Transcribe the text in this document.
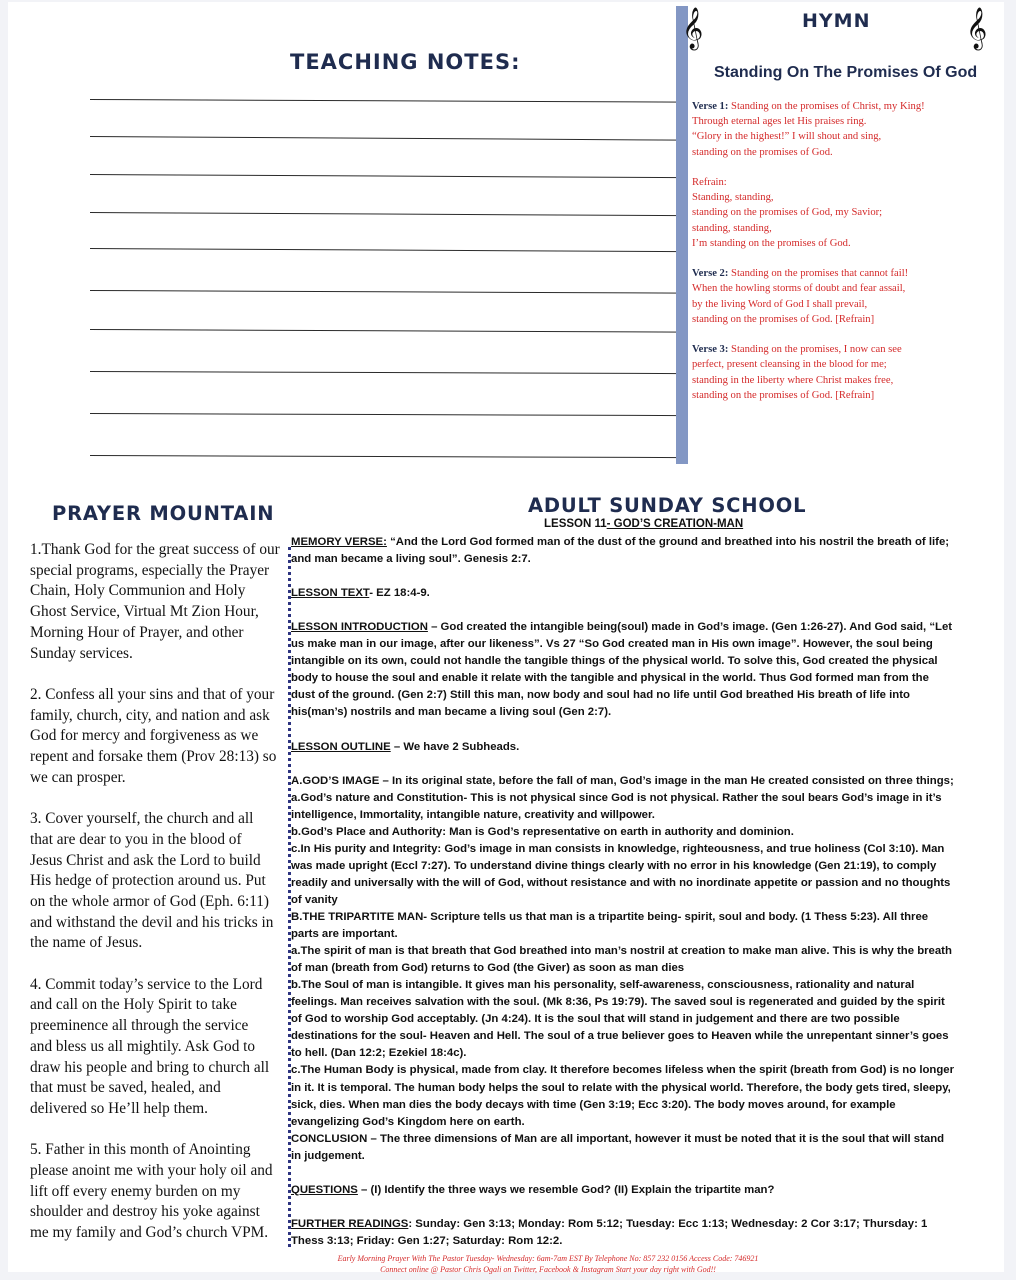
TEACHING NOTES:
𝄞	𝄞
HYMN
Standing On The Promises Of God
Verse 1: Standing on the promises of Christ, my King!
Through eternal ages let His praises ring.
“Glory in the highest!” I will shout and sing,
standing on the promises of God.
Refrain:
Standing, standing,
standing on the promises of God, my Savior;
standing, standing,
I’m standing on the promises of God.
Verse 2: Standing on the promises that cannot fail!
When the howling storms of doubt and fear assail,
by the living Word of God I shall prevail,
standing on the promises of God. [Refrain]
Verse 3: Standing on the promises, I now can see
perfect, present cleansing in the blood for me;
standing in the liberty where Christ makes free,
standing on the promises of God. [Refrain]
PRAYER MOUNTAIN
1.Thank God for the great success of our
special programs, especially the Prayer
Chain, Holy Communion and Holy
Ghost Service, Virtual Mt Zion Hour,
Morning Hour of Prayer, and other
Sunday services.
2. Confess all your sins and that of your
family, church, city, and nation and ask
God for mercy and forgiveness as we
repent and forsake them (Prov 28:13) so
we can prosper.
3. Cover yourself, the church and all
that are dear to you in the blood of
Jesus Christ and ask the Lord to build
His hedge of protection around us. Put
on the whole armor of God (Eph. 6:11)
and withstand the devil and his tricks in
the name of Jesus.
4. Commit today’s service to the Lord
and call on the Holy Spirit to take
preeminence all through the service
and bless us all mightily. Ask God to
draw his people and bring to church all
that must be saved, healed, and
delivered so He’ll help them.
5. Father in this month of Anointing
please anoint me with your holy oil and
lift off every enemy burden on my
shoulder and destroy his yoke against
me my family and God’s church VPM.
ADULT SUNDAY SCHOOL
LESSON 11- GOD’S CREATION-MAN
MEMORY VERSE: “And the Lord God formed man of the dust of the ground and breathed into his nostril the breath of life;
and man became a living soul”. Genesis 2:7.
LESSON TEXT- EZ 18:4-9.
LESSON INTRODUCTION – God created the intangible being(soul) made in God’s image. (Gen 1:26-27). And God said, “Let
us make man in our image, after our likeness”. Vs 27 “So God created man in His own image”. However, the soul being
intangible on its own, could not handle the tangible things of the physical world. To solve this, God created the physical
body to house the soul and enable it relate with the tangible and physical in the world. Thus God formed man from the
dust of the ground. (Gen 2:7) Still this man, now body and soul had no life until God breathed His breath of life into
his(man’s) nostrils and man became a living soul (Gen 2:7).
LESSON OUTLINE – We have 2 Subheads.
A.GOD’S IMAGE – In its original state, before the fall of man, God’s image in the man He created consisted on three things;
a.God’s nature and Constitution- This is not physical since God is not physical. Rather the soul bears God’s image in it’s
intelligence, Immortality, intangible nature, creativity and willpower.
b.God’s Place and Authority: Man is God’s representative on earth in authority and dominion.
c.In His purity and Integrity: God’s image in man consists in knowledge, righteousness, and true holiness (Col 3:10). Man
was made upright (Eccl 7:27). To understand divine things clearly with no error in his knowledge (Gen 21:19), to comply
readily and universally with the will of God, without resistance and with no inordinate appetite or passion and no thoughts
of vanity
B.THE TRIPARTITE MAN- Scripture tells us that man is a tripartite being- spirit, soul and body. (1 Thess 5:23). All three
parts are important.
a.The spirit of man is that breath that God breathed into man’s nostril at creation to make man alive. This is why the breath
of man (breath from God) returns to God (the Giver) as soon as man dies
b.The Soul of man is intangible. It gives man his personality, self-awareness, consciousness, rationality and natural
feelings. Man receives salvation with the soul. (Mk 8:36, Ps 19:79). The saved soul is regenerated and guided by the spirit
of God to worship God acceptably. (Jn 4:24). It is the soul that will stand in judgement and there are two possible
destinations for the soul- Heaven and Hell. The soul of a true believer goes to Heaven while the unrepentant sinner’s goes
to hell. (Dan 12:2; Ezekiel 18:4c).
c.The Human Body is physical, made from clay. It therefore becomes lifeless when the spirit (breath from God) is no longer
in it. It is temporal. The human body helps the soul to relate with the physical world. Therefore, the body gets tired, sleepy,
sick, dies. When man dies the body decays with time (Gen 3:19; Ecc 3:20). The body moves around, for example
evangelizing God’s Kingdom here on earth.
CONCLUSION – The three dimensions of Man are all important, however it must be noted that it is the soul that will stand
in judgement.
QUESTIONS – (I) Identify the three ways we resemble God? (II) Explain the tripartite man?
FURTHER READINGS: Sunday: Gen 3:13; Monday: Rom 5:12; Tuesday: Ecc 1:13; Wednesday: 2 Cor 3:17; Thursday: 1
Thess 3:13; Friday: Gen 1:27; Saturday: Rom 12:2.
Early Morning Prayer With The Pastor Tuesday- Wednesday: 6am-7am EST By Telephone No: 857 232 0156 Access Code: 746921
Connect online @ Pastor Chris Ogali on Twitter, Facebook & Instagram Start your day right with God!!
